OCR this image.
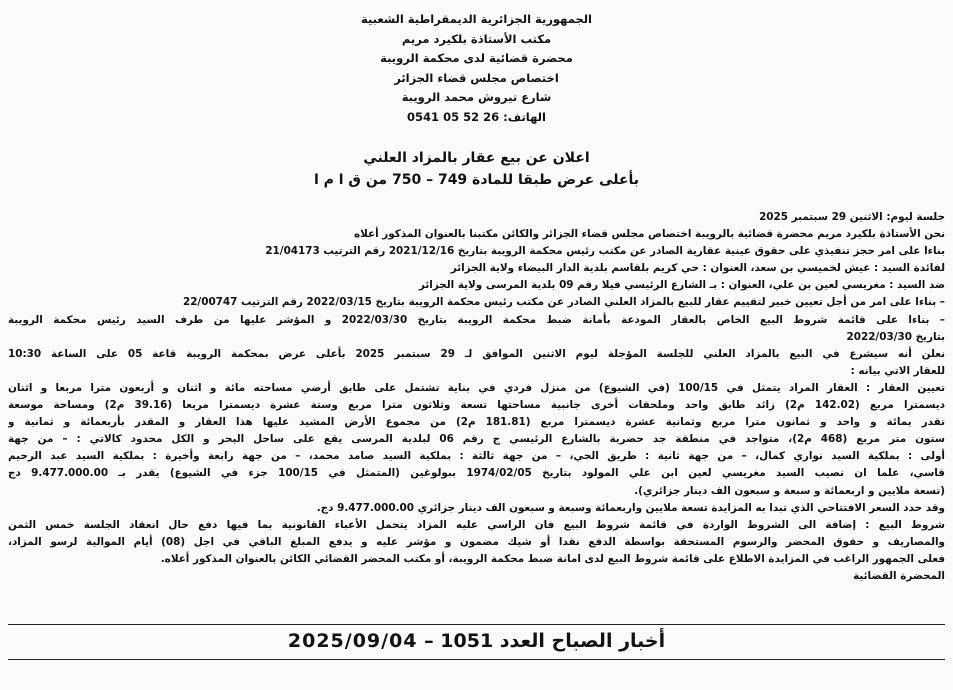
الجمهورية الجزائرية الديمقراطية الشعبية
مكتب الأستاذة بلكيرد مريم
محضرة قضائية لدى محكمة الرويبة
اختصاص مجلس قضاء الجزائر
شارع تيروش محمد الرويبة
الهاتف: 26 52 05 0541
اعلان عن بيع عقار بالمزاد العلني
بأعلى عرض طبقا للمادة 749 – 750 من ق ا م ا
جلسة ليوم: الاثنين 29 سبتمبر 2025
نحن الأستاذة بلكيرد مريم محضرة قضائية بالرويبة اختصاص مجلس قضاء الجزائر والكائن مكتبنا بالعنوان المذكور أعلاه
بناءا على امر حجز تنفيذي على حقوق عينية عقارية الصادر عن مكتب رئيس محكمة الرويبة بتاريخ 2021/12/16 رقم الترتيب 21/04173
لفائدة السيد : عيش لخميسي بن سعد، العنوان : حي كريم بلقاسم بلدية الدار البيضاء ولاية الجزائر
ضد السيد : مغريسي لعين بن علي، العنوان : بـ الشارع الرئيسي فيلا رقم 09 بلدية المرسى ولاية الجزائر
– بناءا على امر من أجل تعيين خبير لتقييم عقار للبيع بالمزاد العلني الصادر عن مكتب رئيس محكمة الرويبة بتاريخ 2022/03/15 رقم الترتيب 22/00747
– بناءا على قائمة شروط البيع الخاص بالعقار المودعة بأمانة ضبط محكمة الرويبة بتاريخ 2022/03/30 و المؤشر عليها من طرف السيد رئيس محكمة الرويبة
بتاريخ 2022/03/30
نعلن أنه سيشرع في البيع بالمزاد العلني للجلسة المؤجلة ليوم الاثنين الموافق لـ 29 سبتمبر 2025 بأعلى عرض بمحكمة الرويبة قاعة 05 على الساعة 10:30
للعقار الاتي بيانه :
تعيين العقار : العقار المراد يتمثل في 100/15 (في الشيوع) من منزل فردي في بناية تشتمل على طابق أرضي مساحته مائة و اثنان و أربعون مترا مربعا و اثنان
ديسمترا مربع (142.02 م2) زائد طابق واحد وملحقات أخرى جانبية مساحتها تسعة وثلاثون مترا مربع وستة عشرة ديسمترا مربعا (39.16 م2) ومساحة موسعة
تقدر بمائة و واحد و ثمانون مترا مربع وثمانية عشرة ديسمترا مربع (181.81 م2) من مجموع الأرض المشيد عليها هذا العقار و المقدر بأربعمائة و ثمانية و
ستون متر مربع (468 م2)، متواجد في منطقة جد حضرية بالشارع الرئيسي ج رقم 06 لبلدية المرسى يقع على ساحل البحر و الكل محدود كالاتي : – من جهة
أولى : بملكية السيد نواري كمال، – من جهة ثانية : طريق الحي، – من جهة ثالثة : بملكية السيد صامد محمد، – من جهة رابعة وأخيرة : بملكية السيد عبد الرحيم
قاسي، علما ان نصيب السيد مغريسي لعين ابن علي المولود بتاريخ 1974/02/05 ببولوغين (المتمثل في 100/15 جزء في الشيوع) يقدر بـ 9.477.000.00 دج
(تسعة ملايين و اربعمائة و سبعة و سبعون الف دينار جزائري).
وقد حدد السعر الافتتاحي الذي تبدا به المزايدة تسعة ملايين واربعمائة وسبعة و سبعون الف دينار جزائري 9.477.000.00 دج.
شروط البيع : إضافة الى الشروط الواردة في قائمة شروط البيع فان الراسي عليه المزاد يتحمل الأعباء القانونية بما فيها دفع حال انعقاد الجلسة خمس الثمن
والمصاريف و حقوق المحضر والرسوم المستحقة بواسطة الدفع نقدا أو شيك مضمون و مؤشر عليه و يدفع المبلغ الباقي في اجل (08) أيام الموالية لرسو المزاد،
فعلى الجمهور الراغب في المزايدة الاطلاع على قائمة شروط البيع لدى امانة ضبط محكمة الرويبة، أو مكتب المحضر القضائي الكائن بالعنوان المذكور أعلاه.
المحضرة القضائية
أخبار الصباح العدد 1051 – 2025/09/04
